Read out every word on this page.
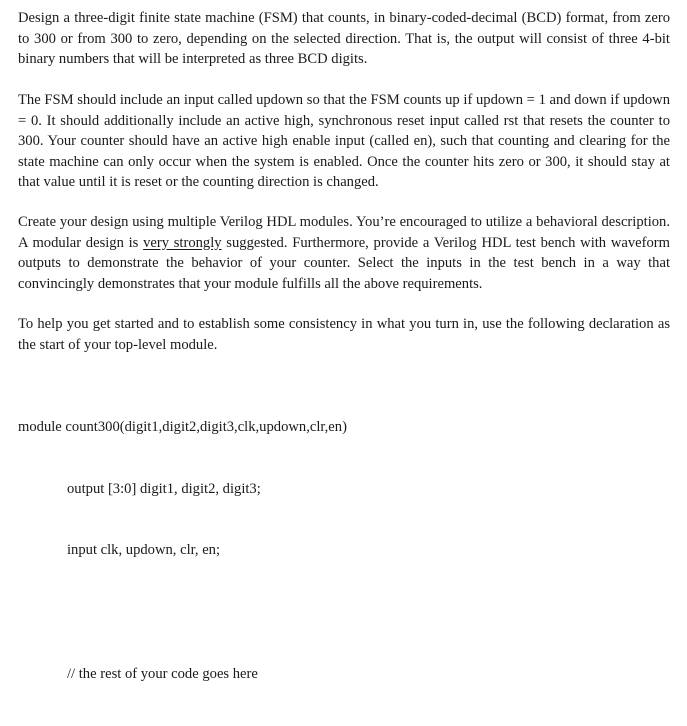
Design a three-digit finite state machine (FSM) that counts, in binary-coded-decimal (BCD) format, from zero to 300 or from 300 to zero, depending on the selected direction. That is, the output will consist of three 4-bit binary numbers that will be interpreted as three BCD digits.

The FSM should include an input called updown so that the FSM counts up if updown = 1 and down if updown = 0. It should additionally include an active high, synchronous reset input called rst that resets the counter to 300. Your counter should have an active high enable input (called en), such that counting and clearing for the state machine can only occur when the system is enabled. Once the counter hits zero or 300, it should stay at that value until it is reset or the counting direction is changed.

Create your design using multiple Verilog HDL modules. You’re encouraged to utilize a behavioral description. A modular design is very strongly suggested. Furthermore, provide a Verilog HDL test bench with waveform outputs to demonstrate the behavior of your counter. Select the inputs in the test bench in a way that convincingly demonstrates that your module fulfills all the above requirements.

To help you get started and to establish some consistency in what you turn in, use the following declaration as the start of your top-level module.

module count300(digit1,digit2,digit3,clk,updown,clr,en)

output [3:0] digit1, digit2, digit3;

input clk, updown, clr, en;

// the rest of your code goes here
